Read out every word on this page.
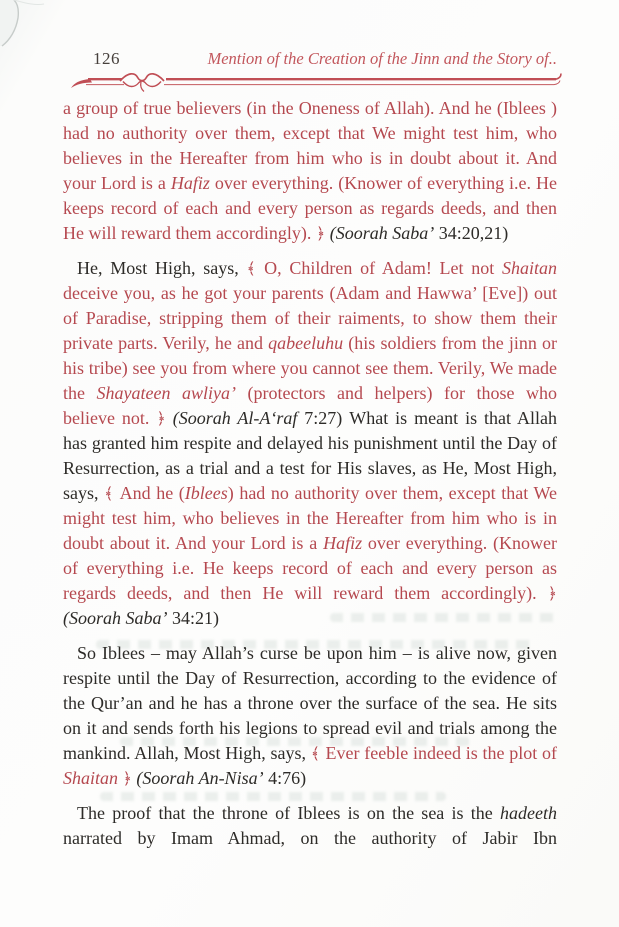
126	Mention of the Creation of the Jinn and the Story of..

a group of true believers (in the Oneness of Allah). And he (Iblees ) had no authority over them, except that We might test him, who believes in the Hereafter from him who is in doubt about it. And your Lord is a Hafiz over everything. (Knower of everything i.e. He keeps record of each and every person as regards deeds, and then He will reward them accordingly). ﴿ (Soorah Saba’ 34:20,21)

He, Most High, says, ﴾ O, Children of Adam! Let not Shaitan deceive you, as he got your parents (Adam and Hawwa’ [Eve]) out of Paradise, stripping them of their raiments, to show them their private parts. Verily, he and qabeeluhu (his soldiers from the jinn or his tribe) see you from where you cannot see them. Verily, We made the Shayateen awliya’ (protectors and helpers) for those who believe not. ﴿ (Soorah Al-A‘raf 7:27) What is meant is that Allah has granted him respite and delayed his punishment until the Day of Resurrection, as a trial and a test for His slaves, as He, Most High, says, ﴾ And he (Iblees) had no authority over them, except that We might test him, who believes in the Hereafter from him who is in doubt about it. And your Lord is a Hafiz over everything. (Knower of everything i.e. He keeps record of each and every person as regards deeds, and then He will reward them accordingly). ﴿ (Soorah Saba’ 34:21)

So Iblees – may Allah’s curse be upon him – is alive now, given respite until the Day of Resurrection, according to the evidence of the Qur’an and he has a throne over the surface of the sea. He sits on it and sends forth his legions to spread evil and trials among the mankind. Allah, Most High, says, ﴾ Ever feeble indeed is the plot of Shaitan ﴿ (Soorah An-Nisa’ 4:76)

The proof that the throne of Iblees is on the sea is the hadeeth narrated by Imam Ahmad, on the authority of Jabir Ibn
